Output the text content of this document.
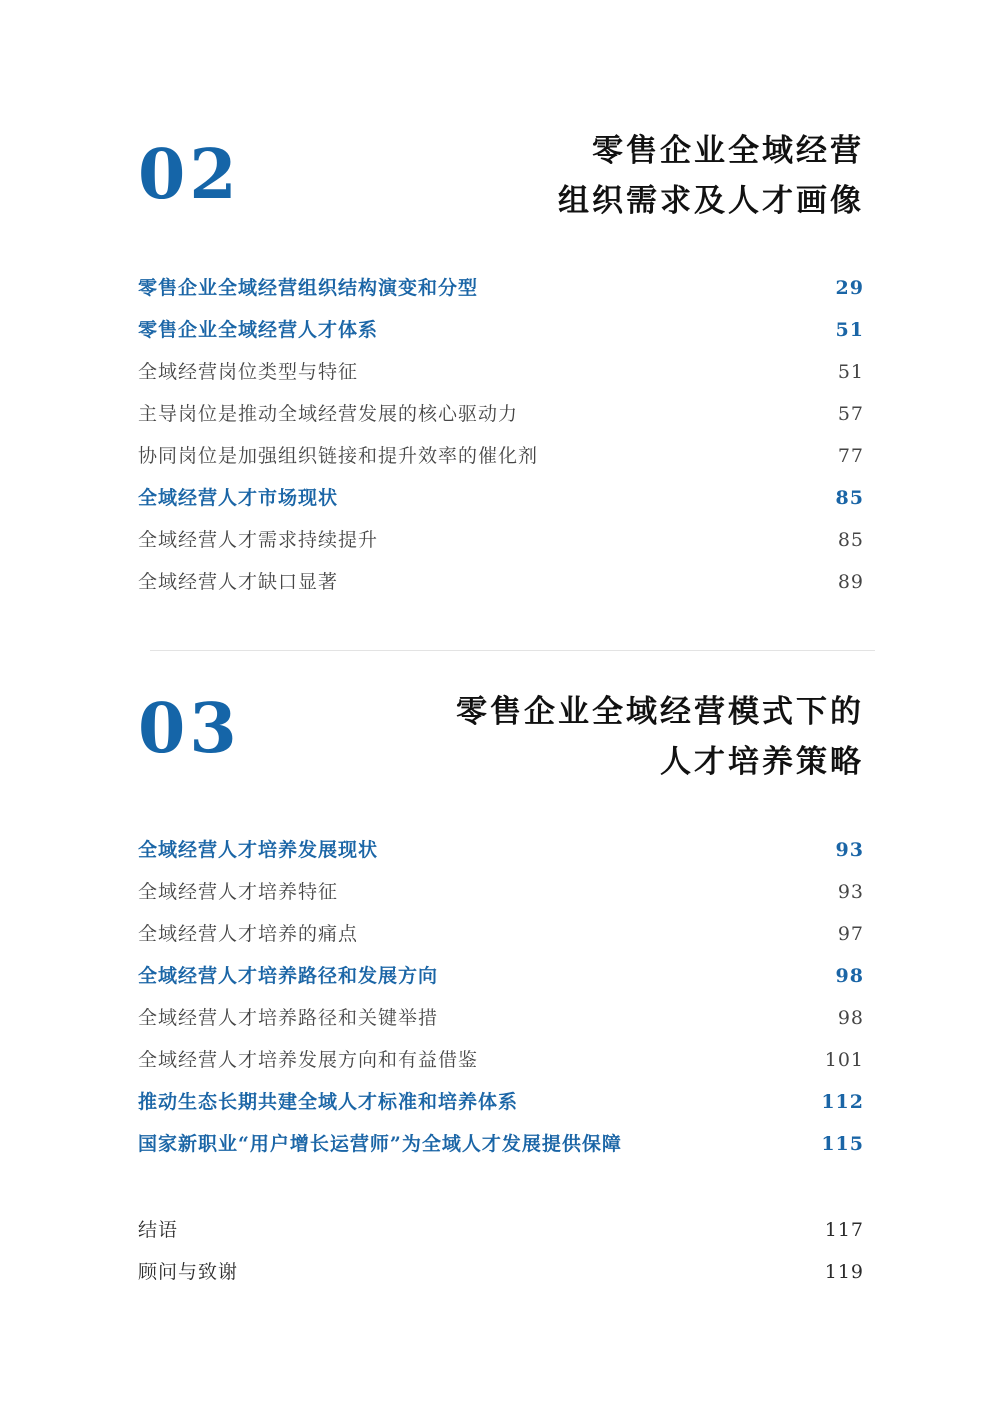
02	零售企业全域经营
组织需求及人才画像
零售企业全域经营组织结构演变和分型	29
零售企业全域经营人才体系	51
全域经营岗位类型与特征	51
主导岗位是推动全域经营发展的核心驱动力	57
协同岗位是加强组织链接和提升效率的催化剂	77
全域经营人才市场现状	85
全域经营人才需求持续提升	85
全域经营人才缺口显著	89
03	零售企业全域经营模式下的
人才培养策略
全域经营人才培养发展现状	93
全域经营人才培养特征	93
全域经营人才培养的痛点	97
全域经营人才培养路径和发展方向	98
全域经营人才培养路径和关键举措	98
全域经营人才培养发展方向和有益借鉴	101
推动生态长期共建全域人才标准和培养体系	112
国家新职业“用户增长运营师”为全域人才发展提供保障	115
结语	117
顾问与致谢	119
